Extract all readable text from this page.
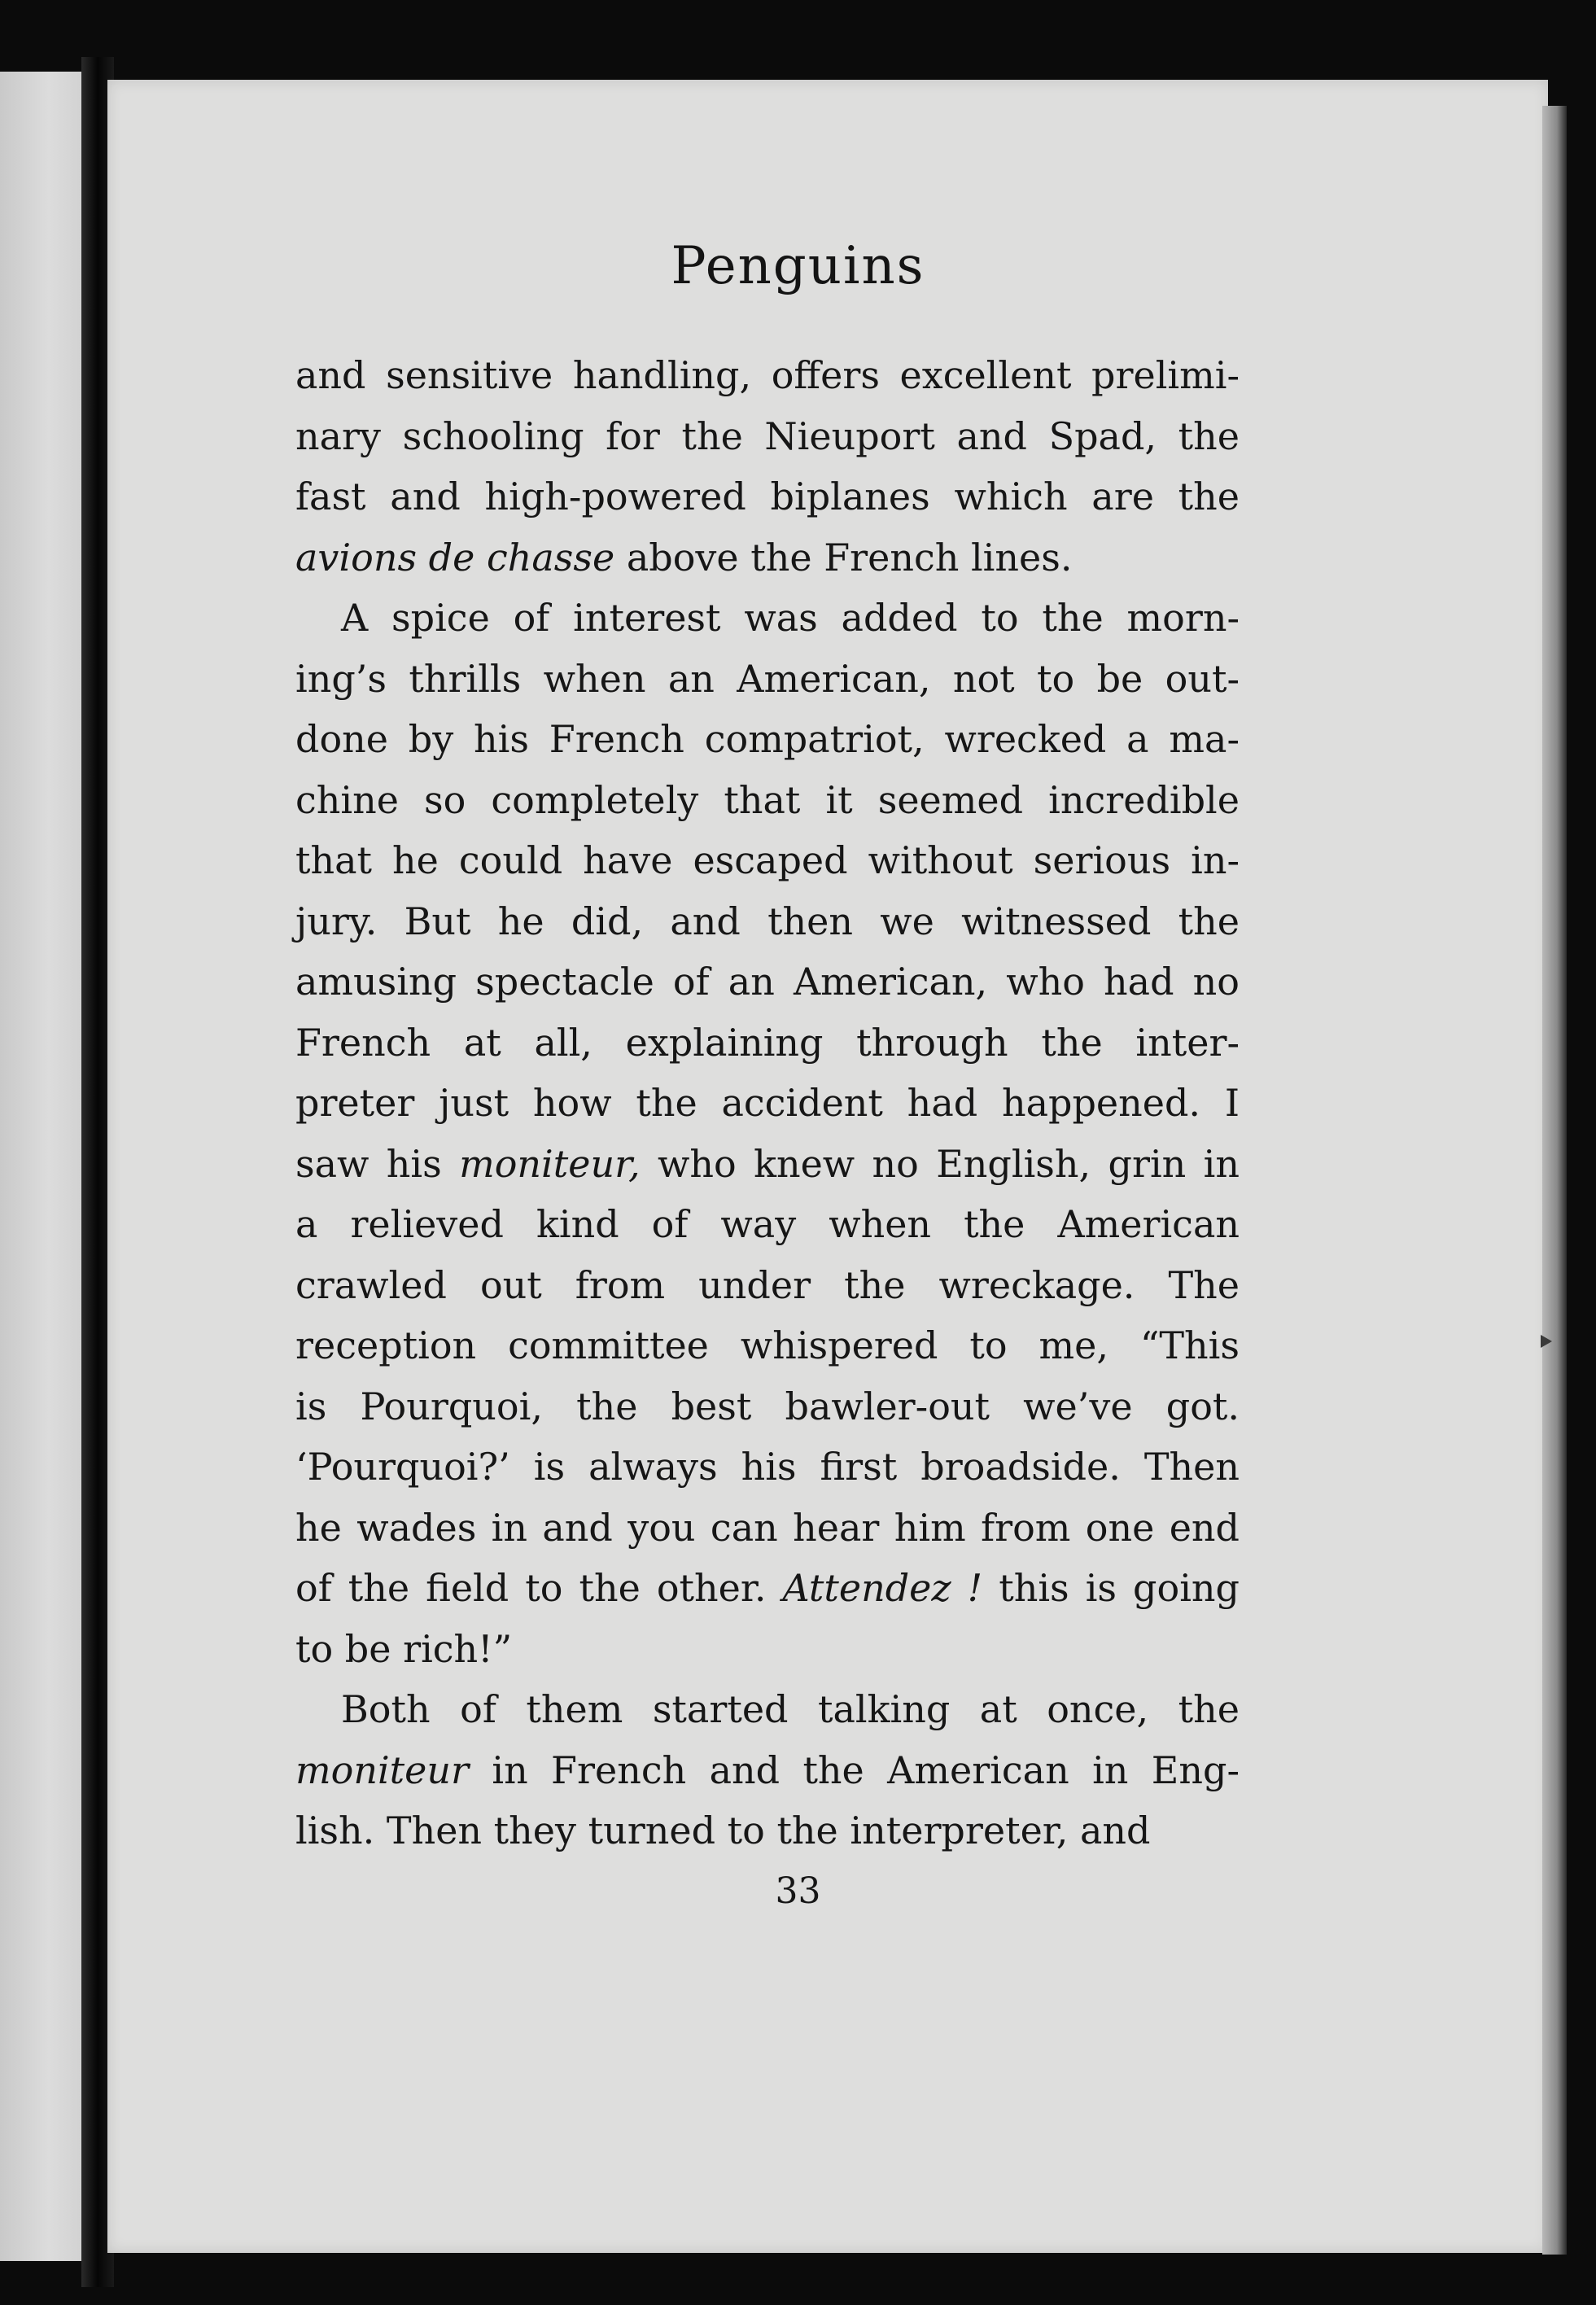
Penguins
and sensitive handling, offers excellent prelimi-
nary schooling for the Nieuport and Spad, the
fast and high-powered biplanes which are the
avions de chasse above the French lines.
A spice of interest was added to the morn-
ing’s thrills when an American, not to be out-
done by his French compatriot, wrecked a ma-
chine so completely that it seemed incredible
that he could have escaped without serious in-
jury. But he did, and then we witnessed the
amusing spectacle of an American, who had no
French at all, explaining through the inter-
preter just how the accident had happened. I
saw his moniteur, who knew no English, grin in
a relieved kind of way when the American
crawled out from under the wreckage. The
reception committee whispered to me, “This
is Pourquoi, the best bawler-out we’ve got.
‘Pourquoi?’ is always his first broadside. Then
he wades in and you can hear him from one end
of the field to the other. Attendez ! this is going
to be rich!”
Both of them started talking at once, the
moniteur in French and the American in Eng-
lish. Then they turned to the interpreter, and
33
